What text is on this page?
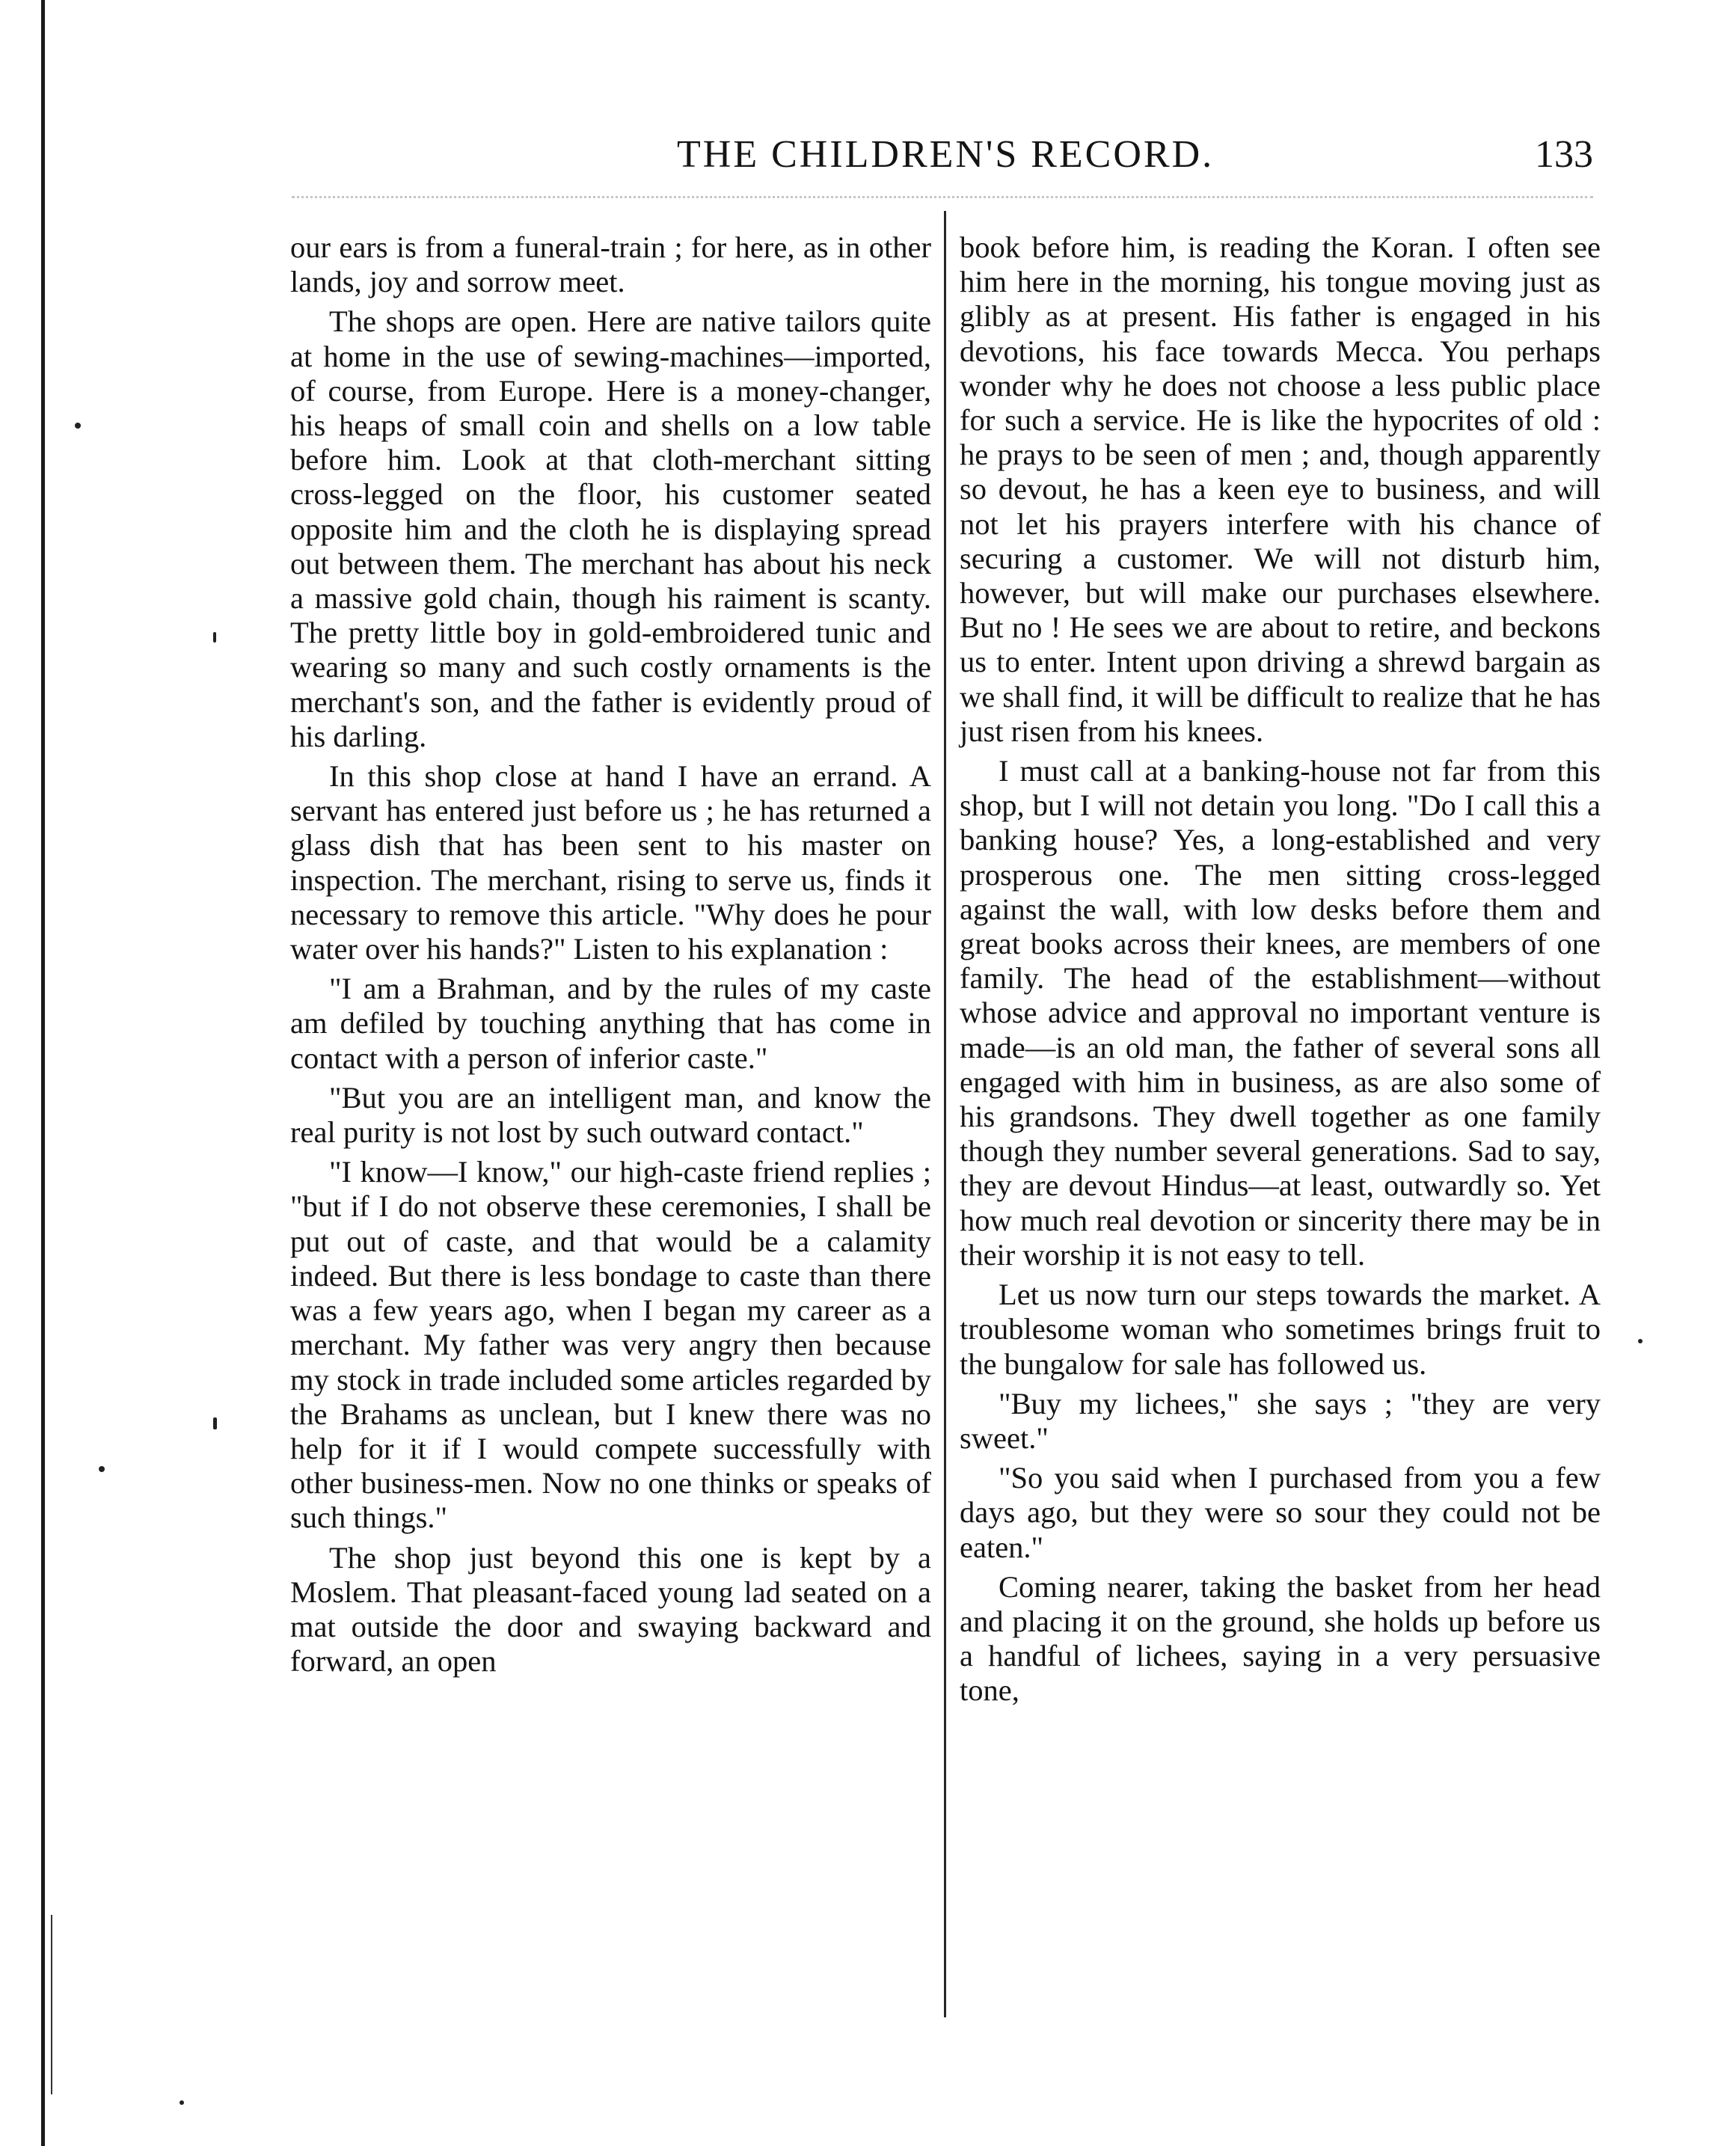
THE CHILDREN'S RECORD.	133

our ears is from a funeral-train ; for here, as in other lands, joy and sorrow meet.

The shops are open. Here are native tailors quite at home in the use of sewing-machines—imported, of course, from Europe. Here is a money-changer, his heaps of small coin and shells on a low table before him. Look at that cloth-merchant sitting cross-legged on the floor, his customer seated opposite him and the cloth he is displaying spread out between them. The merchant has about his neck a massive gold chain, though his raiment is scanty. The pretty little boy in gold-embroidered tunic and wearing so many and such costly ornaments is the merchant's son, and the father is evidently proud of his darling.

In this shop close at hand I have an errand. A servant has entered just before us ; he has returned a glass dish that has been sent to his master on inspection. The merchant, rising to serve us, finds it necessary to remove this article. "Why does he pour water over his hands?" Listen to his explanation :

"I am a Brahman, and by the rules of my caste am defiled by touching anything that has come in contact with a person of inferior caste."

"But you are an intelligent man, and know the real purity is not lost by such outward contact."

"I know—I know," our high-caste friend replies ; "but if I do not observe these ceremonies, I shall be put out of caste, and that would be a calamity indeed. But there is less bondage to caste than there was a few years ago, when I began my career as a merchant. My father was very angry then because my stock in trade included some articles regarded by the Brahams as unclean, but I knew there was no help for it if I would compete successfully with other business-men. Now no one thinks or speaks of such things."

The shop just beyond this one is kept by a Moslem. That pleasant-faced young lad seated on a mat outside the door and swaying backward and forward, an open

book before him, is reading the Koran. I often see him here in the morning, his tongue moving just as glibly as at present. His father is engaged in his devotions, his face towards Mecca. You perhaps wonder why he does not choose a less public place for such a service. He is like the hypocrites of old : he prays to be seen of men ; and, though apparently so devout, he has a keen eye to business, and will not let his prayers interfere with his chance of securing a customer. We will not disturb him, however, but will make our purchases elsewhere. But no ! He sees we are about to retire, and beckons us to enter. Intent upon driving a shrewd bargain as we shall find, it will be difficult to realize that he has just risen from his knees.

I must call at a banking-house not far from this shop, but I will not detain you long. "Do I call this a banking house? Yes, a long-established and very prosperous one. The men sitting cross-legged against the wall, with low desks before them and great books across their knees, are members of one family. The head of the establishment—without whose advice and approval no important venture is made—is an old man, the father of several sons all engaged with him in business, as are also some of his grandsons. They dwell together as one family though they number several generations. Sad to say, they are devout Hindus—at least, outwardly so. Yet how much real devotion or sincerity there may be in their worship it is not easy to tell.

Let us now turn our steps towards the market. A troublesome woman who sometimes brings fruit to the bungalow for sale has followed us.

"Buy my lichees," she says ; "they are very sweet."

"So you said when I purchased from you a few days ago, but they were so sour they could not be eaten."

Coming nearer, taking the basket from her head and placing it on the ground, she holds up before us a handful of lichees, saying in a very persuasive tone,
